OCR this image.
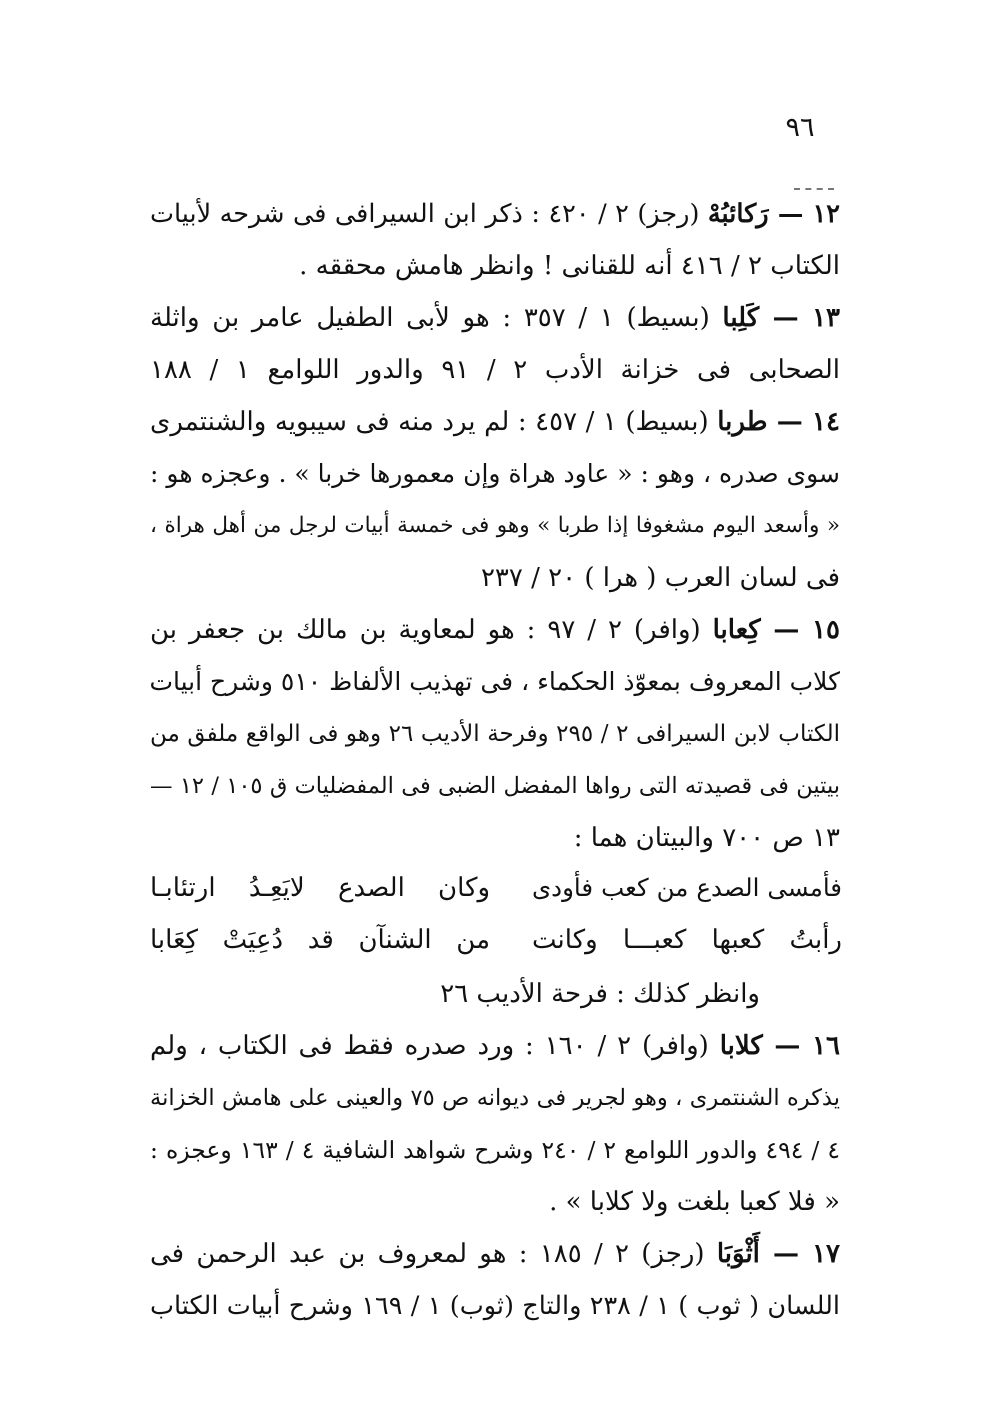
٩٦
١٢ — رَكائبُهْ (رجز) ٢ / ٤٢٠ : ذكر ابن السيرافى فى شرحه لأبيات
الكتاب ٢ / ٤١٦ أنه للقنانى ! وانظر هامش محققه .
١٣ — كَلِبا (بسيط) ١ / ٣٥٧ : هو لأبى الطفيل عامر بن واثلة
الصحابى فى خزانة الأدب ٢ / ٩١ والدور اللوامع ١ / ١٨٨
١٤ — طربا (بسيط) ١ / ٤٥٧ : لم يرد منه فى سيبويه والشنتمرى
سوى صدره ، وهو : « عاود هراة وإن معمورها خربا » . وعجزه هو :
« وأسعد اليوم مشغوفا إذا طربا » وهو فى خمسة أبيات لرجل من أهل هراة ،
فى لسان العرب ( هرا ) ٢٠ / ٢٣٧
١٥ — كِعابا (وافر) ٢ / ٩٧ : هو لمعاوية بن مالك بن جعفر بن
كلاب المعروف بمعوّذ الحكماء ، فى تهذيب الألفاظ ٥١٠ وشرح أبيات
الكتاب لابن السيرافى ٢ / ٢٩٥ وفرحة الأديب ٢٦ وهو فى الواقع ملفق من
بيتين فى قصيدته التى رواها المفضل الضبى فى المفضليات ق ١٠٥ / ١٢ —
١٣ ص ٧٠٠ والبيتان هما :
فأمسى الصدع من كعب فأودى
وكان الصدع لايَعِـدُ ارتئابـا
رأبتُ كعبها كعبـــا وكانت
من الشنآن قد دُعِيَتْ كِعَابا
وانظر كذلك : فرحة الأديب ٢٦
١٦ — كلابا (وافر) ٢ / ١٦٠ : ورد صدره فقط فى الكتاب ، ولم
يذكره الشنتمرى ، وهو لجرير فى ديوانه ص ٧٥ والعينى على هامش الخزانة
٤ / ٤٩٤ والدور اللوامع ٢ / ٢٤٠ وشرح شواهد الشافية ٤ / ١٦٣ وعجزه :
« فلا كعبا بلغت ولا كلابا » .
١٧ — أَثْوَبَا (رجز) ٢ / ١٨٥ : هو لمعروف بن عبد الرحمن فى
اللسان ( ثوب ) ١ / ٢٣٨ والتاج (ثوب) ١ / ١٦٩ وشرح أبيات الكتاب
